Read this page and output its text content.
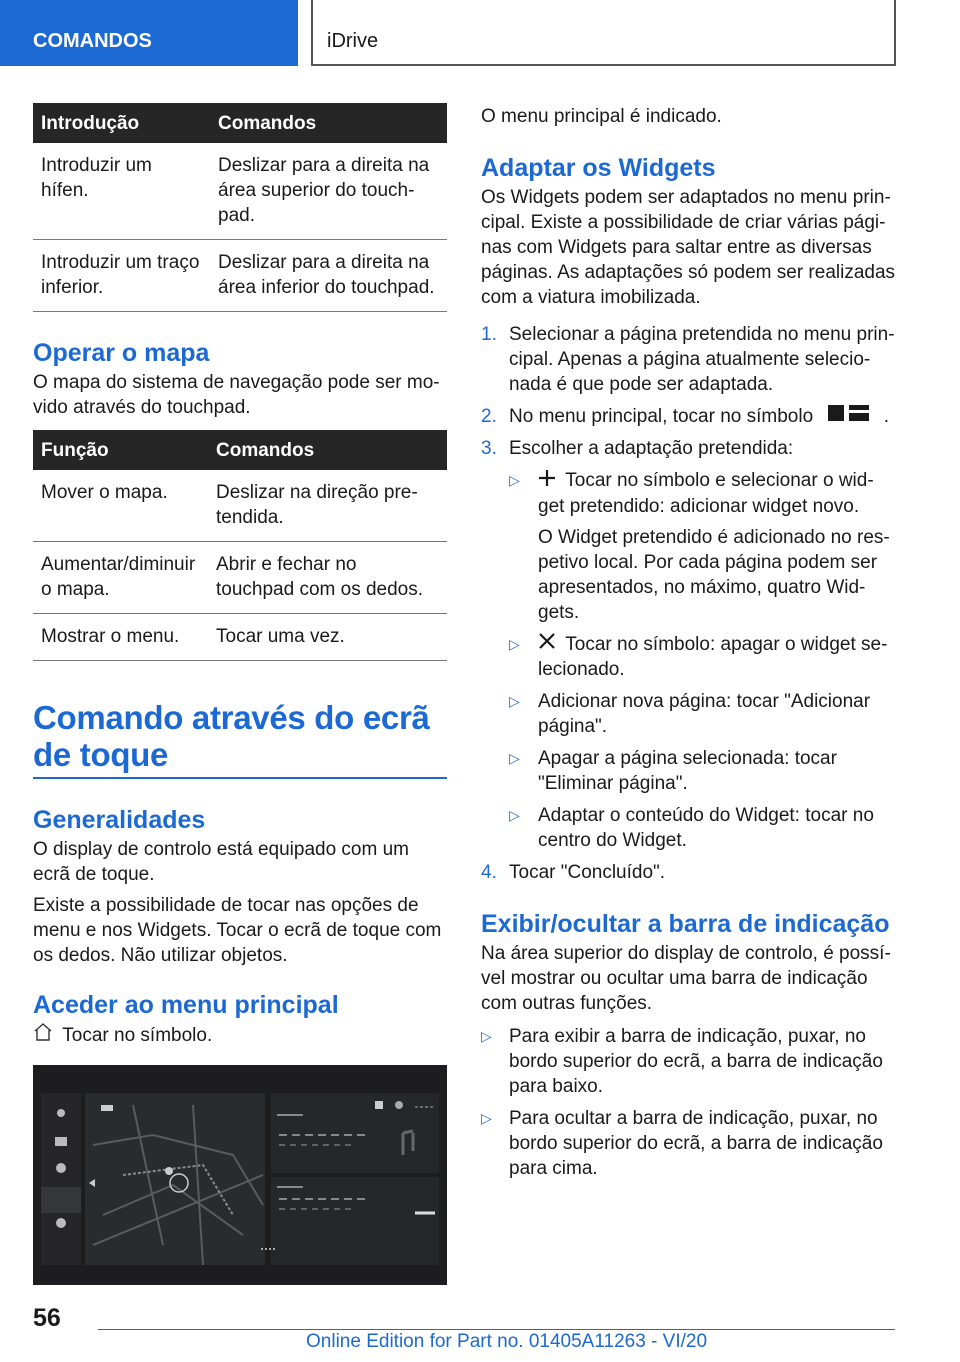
COMANDOS	iDrive
Introdução	Comandos
Introduzir um hífen.	Deslizar para a direita na área superior do touch‐pad.
Introduzir um traço inferior.	Deslizar para a direita na área inferior do touchpad.
Operar o mapa

O mapa do sistema de navegação pode ser mo‐vido através do touchpad.

Função	Comandos
Mover o mapa.	Deslizar na direção pre‐tendida.
Aumentar/diminuir o mapa.	Abrir e fechar no touchpad com os dedos.
Mostrar o menu.	Tocar uma vez.
Comando através do ecrã de toque
Generalidades

O display de controlo está equipado com um ecrã de toque.

Existe a possibilidade de tocar nas opções de menu e nos Widgets. Tocar o ecrã de toque com os dedos. Não utilizar objetos.

Aceder ao menu principal

Tocar no símbolo.

O menu principal é indicado.

Adaptar os Widgets

Os Widgets podem ser adaptados no menu prin‐cipal. Existe a possibilidade de criar várias pági‐nas com Widgets para saltar entre as diversas páginas. As adaptações só podem ser realizadas com a viatura imobilizada.

1. Selecionar a página pretendida no menu prin‐cipal. Apenas a página atualmente selecio‐nada é que pode ser adaptada.
2. No menu principal, tocar no símbolo	.
3. Escolher a adaptação pretendida:
▷ Tocar no símbolo e selecionar o wid‐get pretendido: adicionar widget novo.

O Widget pretendido é adicionado no res‐petivo local. Por cada página podem ser apresentados, no máximo, quatro Wid‐gets.

▷ Tocar no símbolo: apagar o widget se‐lecionado.
▷ Adicionar nova página: tocar "Adicionar página".
▷ Apagar a página selecionada: tocar "Eliminar página".
▷ Adaptar o conteúdo do Widget: tocar no centro do Widget.
4. Tocar "Concluído".
Exibir/ocultar a barra de indicação

Na área superior do display de controlo, é possí‐vel mostrar ou ocultar uma barra de indicação com outras funções.

▷ Para exibir a barra de indicação, puxar, no bordo superior do ecrã, a barra de indicação para baixo.
▷ Para ocultar a barra de indicação, puxar, no bordo superior do ecrã, a barra de indicação para cima.
56
Online Edition for Part no. 01405A11263 - VI/20
